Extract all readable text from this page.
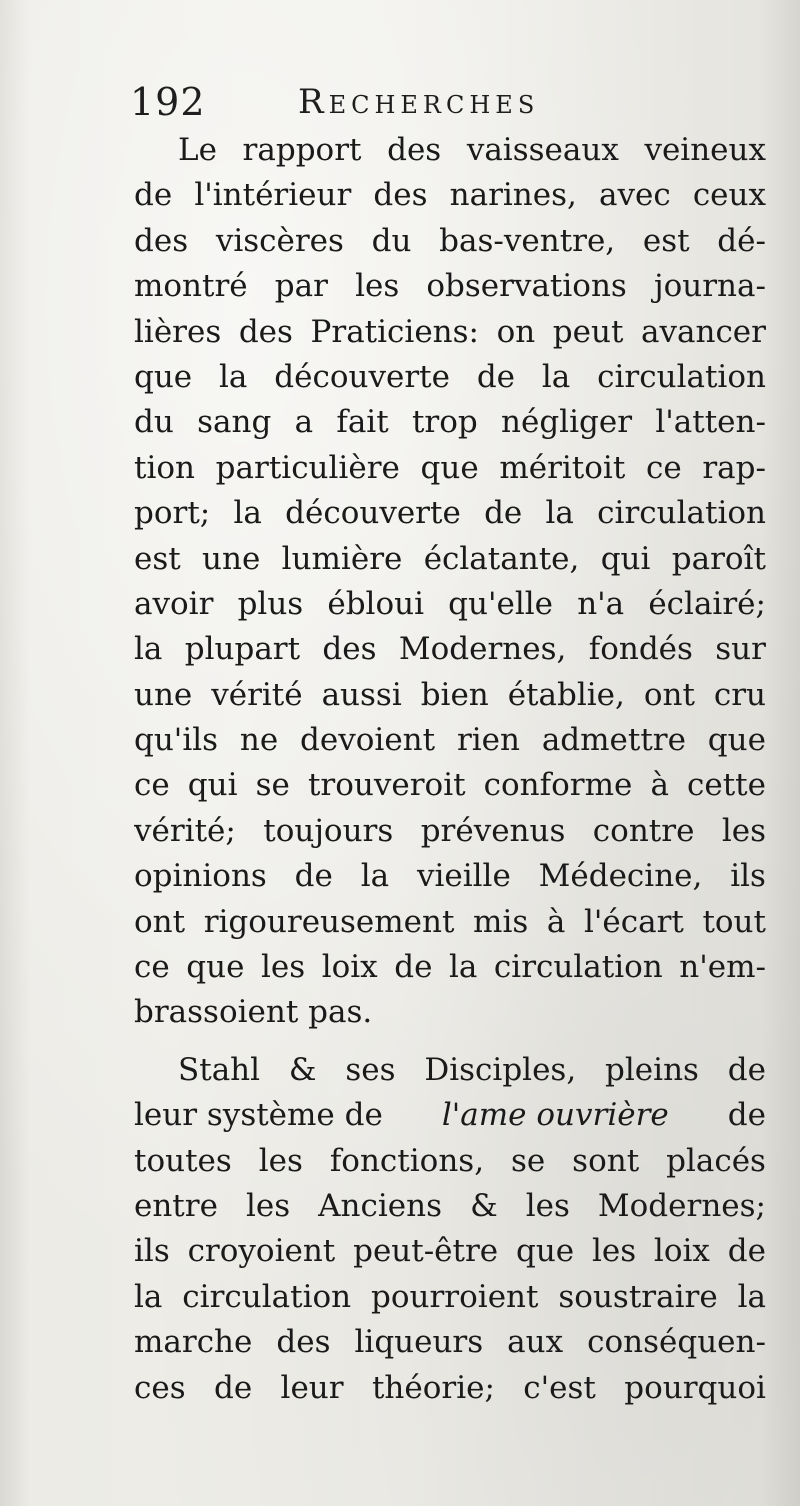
192	Recherches
Le rapport des vaisseaux veineux
de l'intérieur des narines, avec ceux
des viscères du bas-ventre, est dé-
montré par les observations journa-
lières des Praticiens: on peut avancer
que la découverte de la circulation
du sang a fait trop négliger l'atten-
tion particulière que méritoit ce rap-
port; la découverte de la circulation
est une lumière éclatante, qui paroît
avoir plus ébloui qu'elle n'a éclairé;
la plupart des Modernes, fondés sur
une vérité aussi bien établie, ont cru
qu'ils ne devoient rien admettre que
ce qui se trouveroit conforme à cette
vérité; toujours prévenus contre les
opinions de la vieille Médecine, ils
ont rigoureusement mis à l'écart tout
ce que les loix de la circulation n'em-
brassoient pas.
Stahl & ses Disciples, pleins de
leur système de l'ame ouvrière de
toutes les fonctions, se sont placés
entre les Anciens & les Modernes;
ils croyoient peut-être que les loix de
la circulation pourroient soustraire la
marche des liqueurs aux conséquen-
ces de leur théorie; c'est pourquoi
